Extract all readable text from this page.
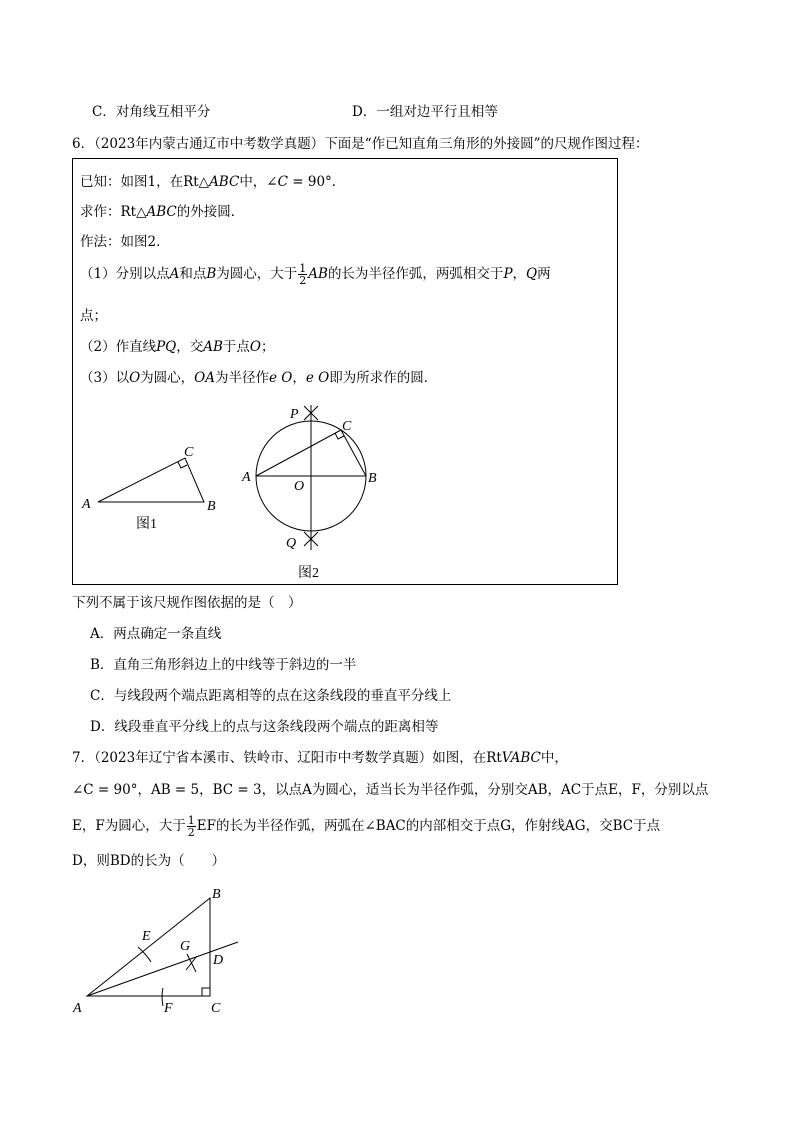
C．对角线互相平分	D．一组对边平行且相等
6．（2023年内蒙古通辽市中考数学真题）下面是“作已知直角三角形的外接圆”的尺规作图过程：
已知：如图1，在Rt△ABC中，∠C = 90°．
求作：Rt△ABC的外接圆．
作法：如图2．
（1）分别以点A和点B为圆心，大于 $\frac{1}{2}$ AB的长为半径作弧，两弧相交于P，Q两
点；
（2）作直线PQ，交AB于点O；
（3）以O为圆心，OA为半径作e O，e O即为所求作的圆．
A
C
B
图1
P
C
A	B
O
Q
图2
下列不属于该尺规作图依据的是（　）
A．两点确定一条直线
B．直角三角形斜边上的中线等于斜边的一半
C．与线段两个端点距离相等的点在这条线段的垂直平分线上
D．线段垂直平分线上的点与这条线段两个端点的距离相等
7．（2023年辽宁省本溪市、铁岭市、辽阳市中考数学真题）如图，在RtVABC中，
∠C = 90°，AB = 5，BC = 3，以点A为圆心，适当长为半径作弧，分别交AB，AC于点E，F，分别以点
E，F为圆心，大于 $\frac{1}{2}$ EF的长为半径作弧，两弧在∠BAC的内部相交于点G，作射线AG，交BC于点
D，则BD的长为（　　）
A
B
C
D
E
F
G
